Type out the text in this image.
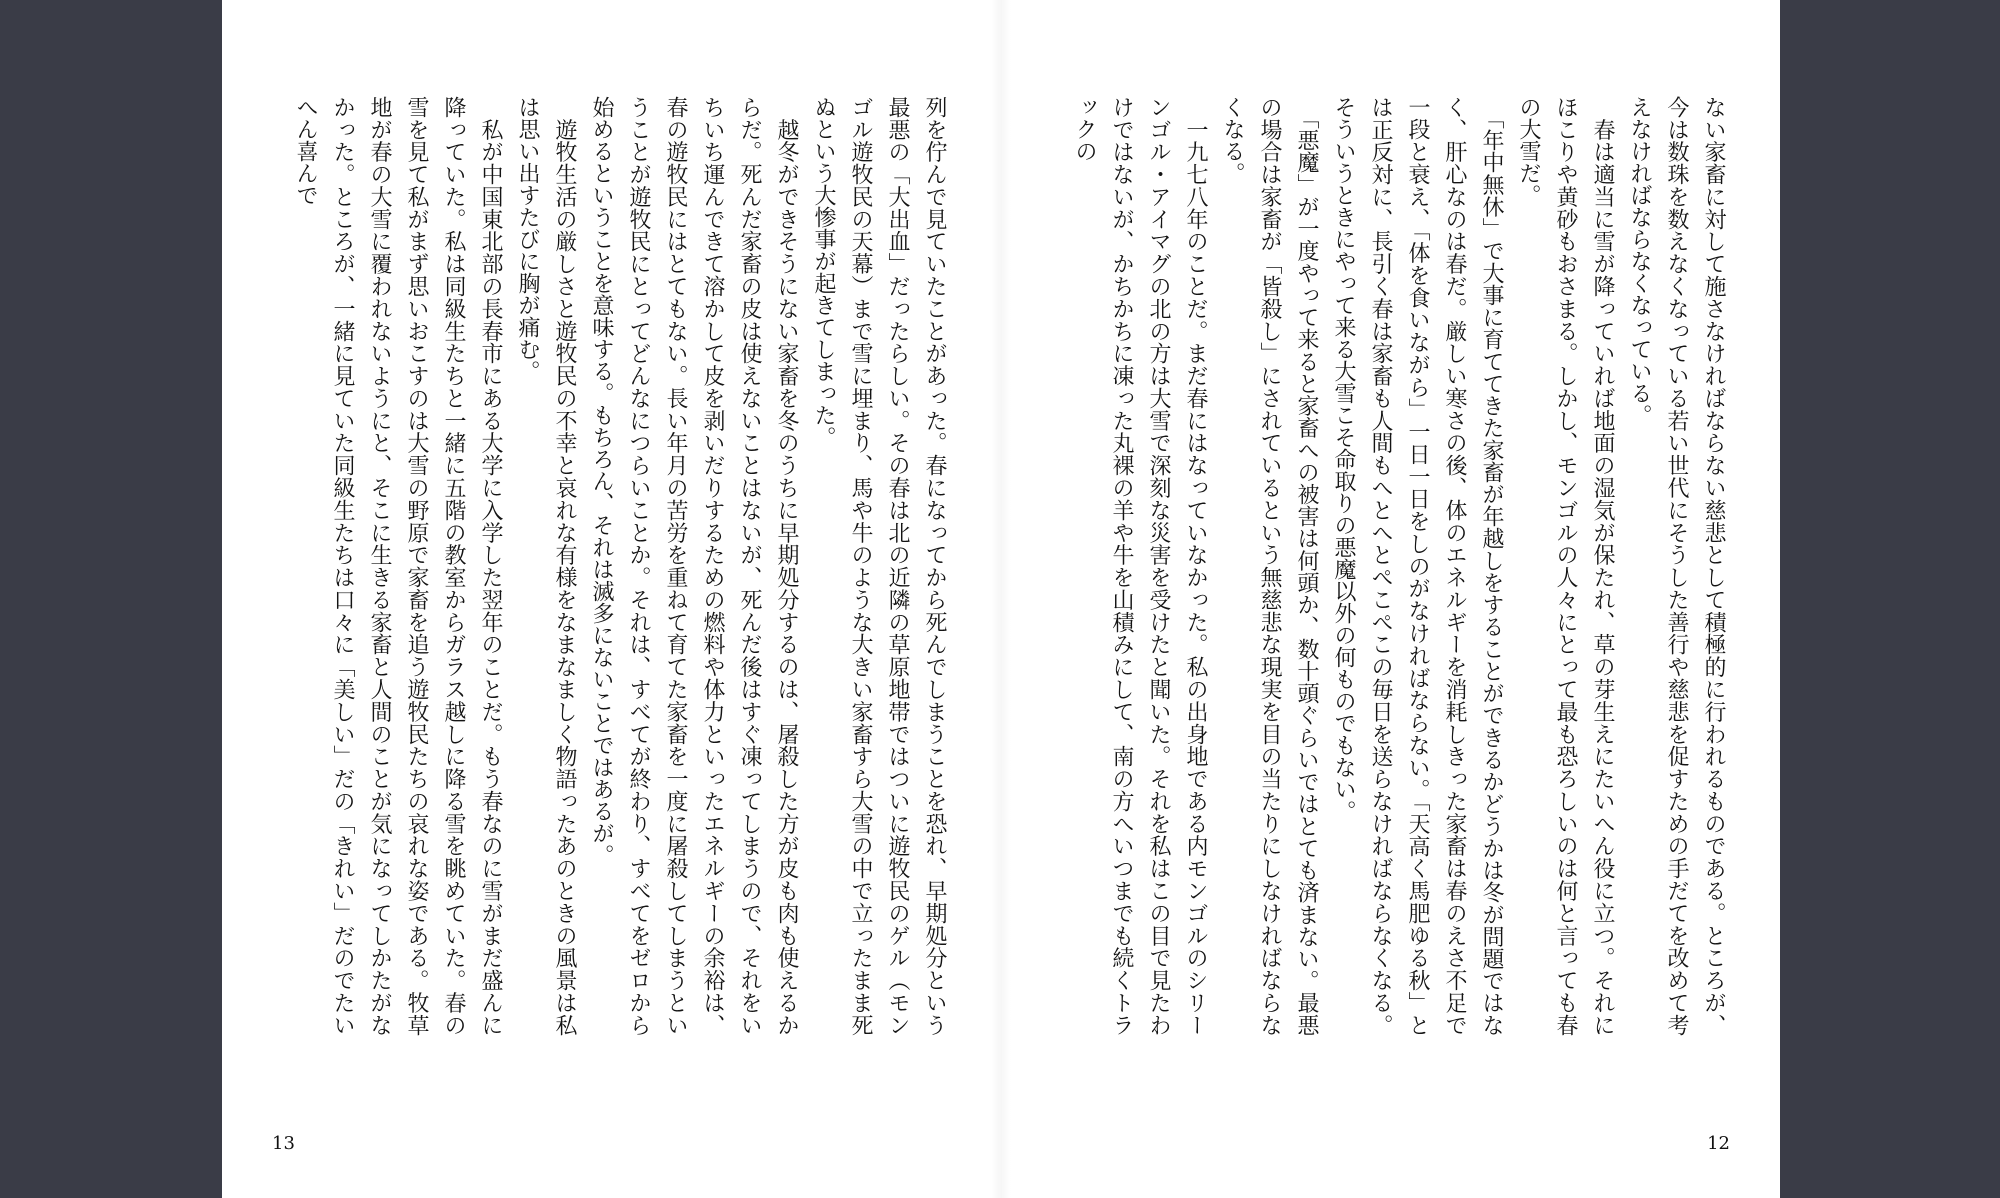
列を佇んで見ていたことがあった。春になってから死んでしまうことを恐れ、早期処分という最悪の「大出血」だったらしい。その春は北の近隣の草原地帯ではついに遊牧民のゲル（モンゴル遊牧民の天幕）まで雪に埋まり、馬や牛のような大きい家畜すら大雪の中で立ったまま死ぬという大惨事が起きてしまった。

　越冬ができそうにない家畜を冬のうちに早期処分するのは、屠殺した方が皮も肉も使えるからだ。死んだ家畜の皮は使えないことはないが、死んだ後はすぐ凍ってしまうので、それをいちいち運んできて溶かして皮を剥いだりするための燃料や体力といったエネルギーの余裕は、春の遊牧民にはとてもない。長い年月の苦労を重ねて育てた家畜を一度に屠殺してしまうということが遊牧民にとってどんなにつらいことか。それは、すべてが終わり、すべてをゼロから始めるということを意味する。もちろん、それは滅多にないことではあるが。

　遊牧生活の厳しさと遊牧民の不幸と哀れな有様をなまなましく物語ったあのときの風景は私は思い出すたびに胸が痛む。

　私が中国東北部の長春市にある大学に入学した翌年のことだ。もう春なのに雪がまだ盛んに降っていた。私は同級生たちと一緒に五階の教室からガラス越しに降る雪を眺めていた。春の雪を見て私がまず思いおこすのは大雪の野原で家畜を追う遊牧民たちの哀れな姿である。牧草地が春の大雪に覆われないようにと、そこに生きる家畜と人間のことが気になってしかたがなかった。ところが、一緒に見ていた同級生たちは口々に「美しい」だの「きれい」だのでたいへん喜んで

13

ない家畜に対して施さなければならない慈悲として積極的に行われるものである。ところが、今は数珠を数えなくなっている若い世代にそうした善行や慈悲を促すための手だてを改めて考えなければならなくなっている。

　春は適当に雪が降っていれば地面の湿気が保たれ、草の芽生えにたいへん役に立つ。それにほこりや黄砂もおさまる。しかし、モンゴルの人々にとって最も恐ろしいのは何と言っても春の大雪だ。

　「年中無休」で大事に育ててきた家畜が年越しをすることができるかどうかは冬が問題ではなく、肝心なのは春だ。厳しい寒さの後、体のエネルギーを消耗しきった家畜は春のえさ不足で一段と衰え、「体を食いながら」一日一日をしのがなければならない。「天高く馬肥ゆる秋」とは正反対に、長引く春は家畜も人間もへとへとぺこぺこの毎日を送らなければならなくなる。そういうときにやって来る大雪こそ命取りの悪魔以外の何ものでもない。

　「悪魔」が一度やって来ると家畜への被害は何頭か、数十頭ぐらいではとても済まない。最悪の場合は家畜が「皆殺し」にされているという無慈悲な現実を目の当たりにしなければならなくなる。

　一九七八年のことだ。まだ春にはなっていなかった。私の出身地である内モンゴルのシリーンゴル・アイマグの北の方は大雪で深刻な災害を受けたと聞いた。それを私はこの目で見たわけではないが、かちかちに凍った丸裸の羊や牛を山積みにして、南の方へいつまでも続くトラックの

12
